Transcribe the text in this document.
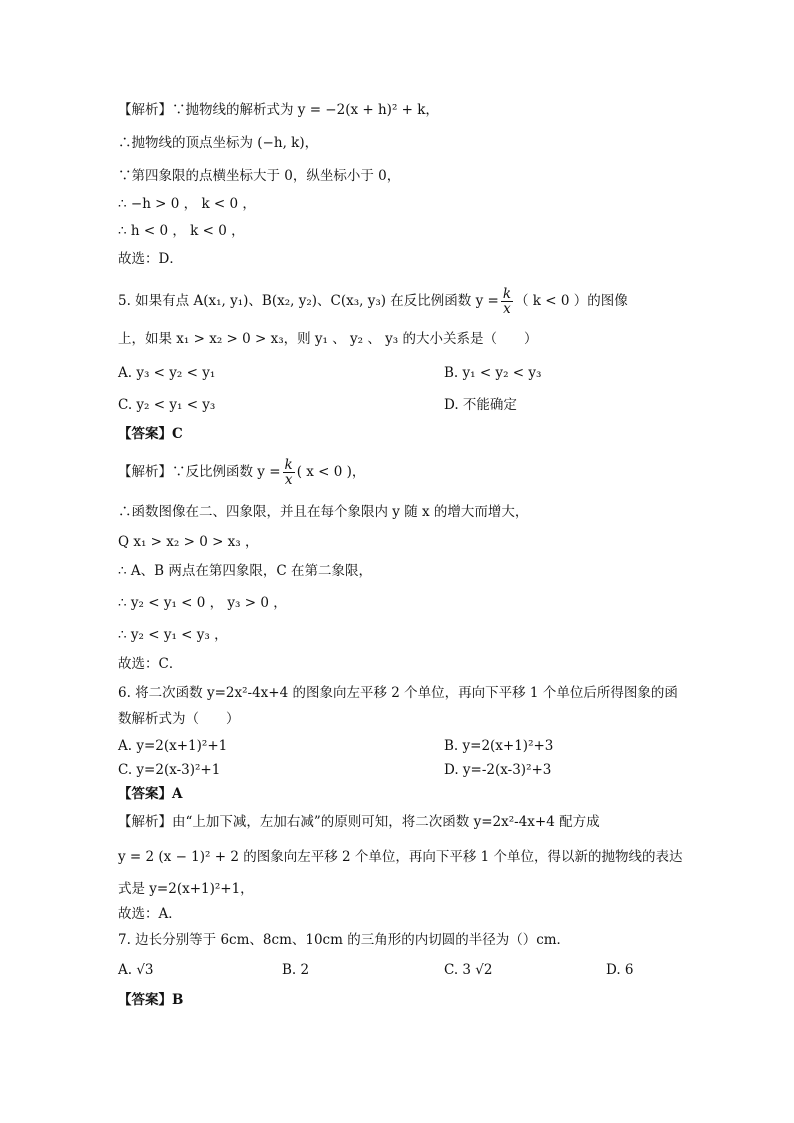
【解析】∵抛物线的解析式为 y = −2(x + h)² + k，
∴抛物线的顶点坐标为 (−h, k)，
∵第四象限的点横坐标大于 0，纵坐标小于 0，
∴ −h > 0 ， k < 0 ，
∴ h < 0 ， k < 0 ，
故选：D．
5. 如果有点 A(x₁, y₁)、B(x₂, y₂)、C(x₃, y₃) 在反比例函数 $y = \frac{k}{x}$ （ k < 0 ）的图像
上，如果 x₁ > x₂ > 0 > x₃，则 y₁ 、 y₂ 、 y₃ 的大小关系是（　　）
A. y₃ < y₂ < y₁	B. y₁ < y₂ < y₃
C. y₂ < y₁ < y₃	D. 不能确定
【答案】C
【解析】∵反比例函数 $y = \frac{k}{x}$ ( x < 0 )，
∴函数图像在二、四象限，并且在每个象限内 y 随 x 的增大而增大，
Q x₁ > x₂ > 0 > x₃ ，
∴ A、B 两点在第四象限，C 在第二象限，
∴ y₂ < y₁ < 0 ， y₃ > 0 ，
∴ y₂ < y₁ < y₃ ，
故选：C．
6. 将二次函数 y=2x²-4x+4 的图象向左平移 2 个单位，再向下平移 1 个单位后所得图象的函
数解析式为（　　）
A. y=2(x+1)²+1	B. y=2(x+1)²+3
C. y=2(x-3)²+1	D. y=-2(x-3)²+3
【答案】A
【解析】由“上加下减，左加右减”的原则可知，将二次函数 y=2x²-4x+4 配方成
y = 2 (x − 1)² + 2 的图象向左平移 2 个单位，再向下平移 1 个单位，得以新的抛物线的表达
式是 y=2(x+1)²+1，
故选：A．
7. 边长分别等于 6cm、8cm、10cm 的三角形的内切圆的半径为（）cm．
A. √3	B. 2	C. 3 √2	D. 6
【答案】B
